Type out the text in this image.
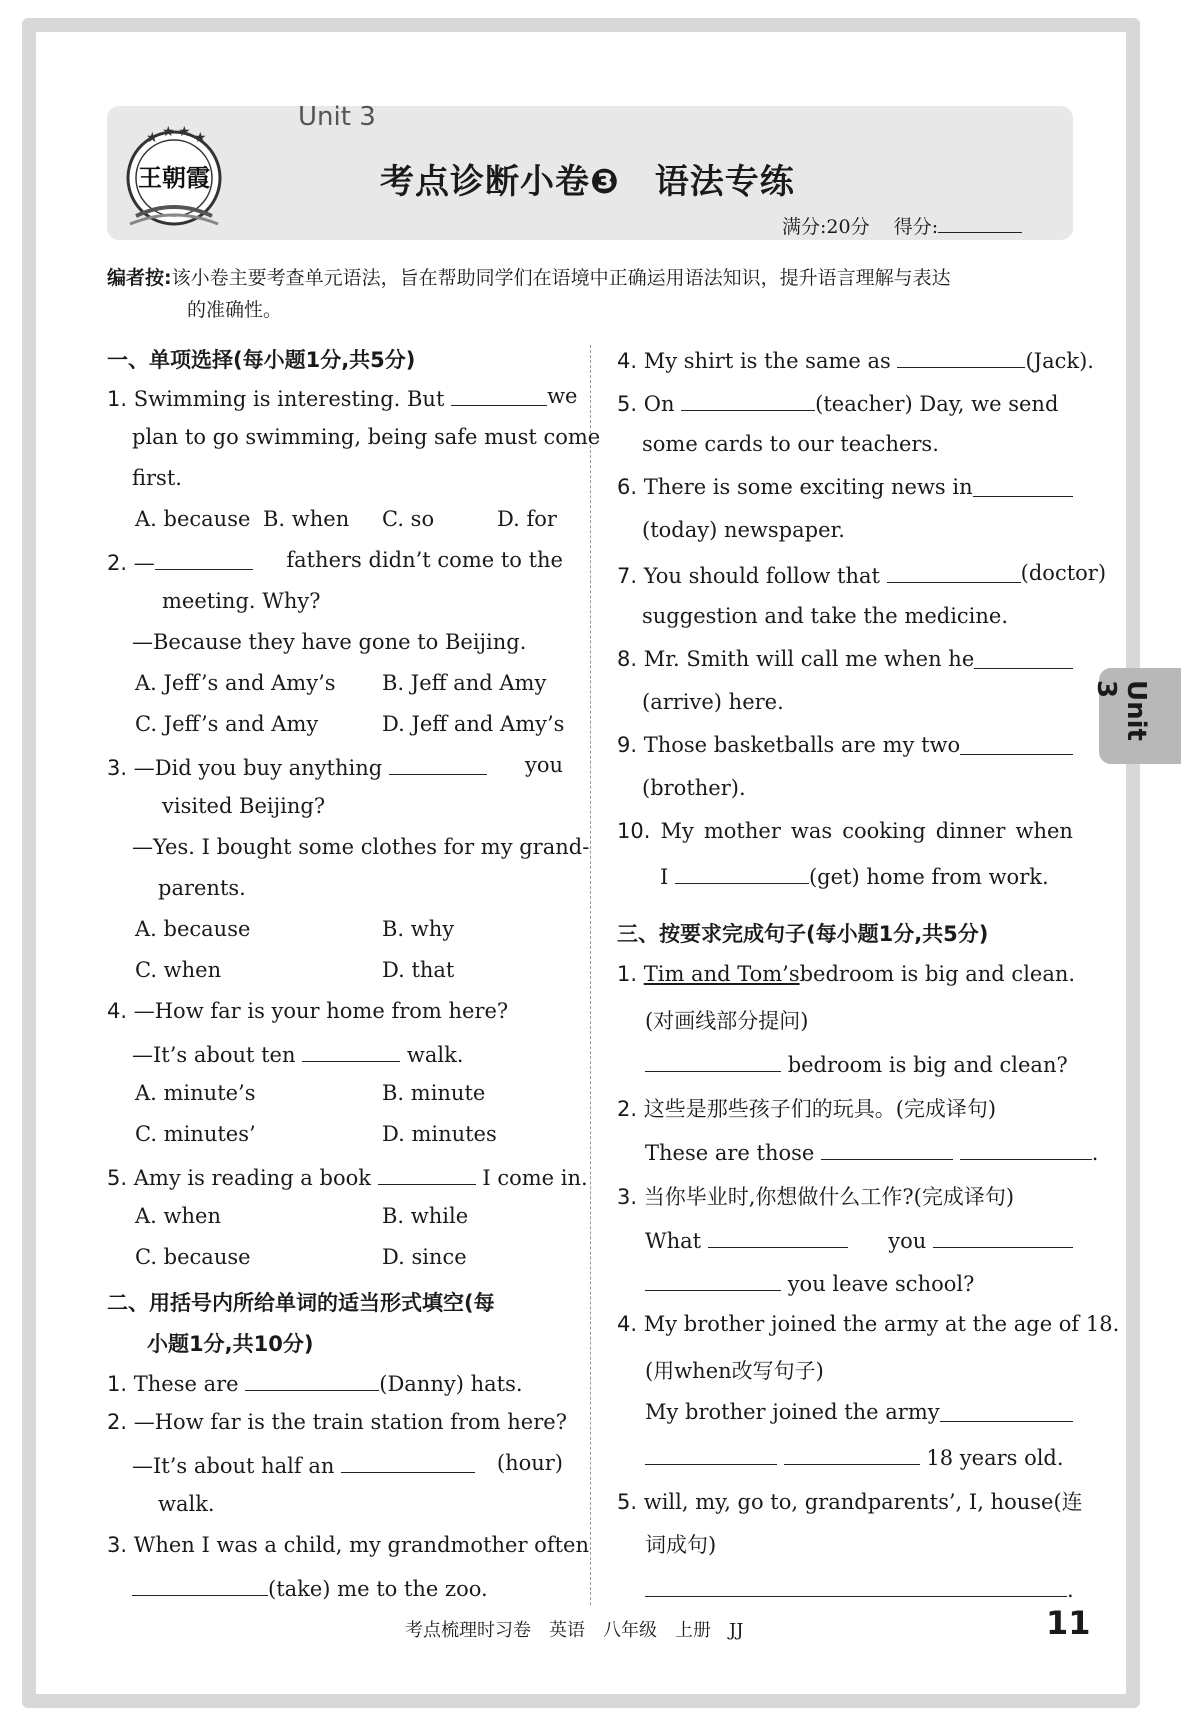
王朝霞
★ ★ ★ ★
Unit 3
考点诊断小卷❸　语法专练
满分:20分 得分:
编者按:该小卷主要考查单元语法，旨在帮助同学们在语境中正确运用语法知识，提升语言理解与表达
的准确性。
一、单项选择(每小题1分,共5分)
1. Swimming is interesting. But	we
plan to go swimming, being safe must come
first.
A. because B. when C. so	D. for
2. —	fathers didn’t come to the
meeting. Why?
—Because they have gone to Beijing.
A. Jeff’s and Amy’s B. Jeff and Amy
C. Jeff’s and Amy	D. Jeff and Amy’s
3. —Did you buy anything	you
visited Beijing?
—Yes. I bought some clothes for my grand-
parents.
A. because	B. why
C. when	D. that
4. —How far is your home from here?
—It’s about ten	walk.
A. minute’s	B. minute
C. minutes’	D. minutes
5. Amy is reading a book	I come in.
A. when	B. while
C. because	D. since
二、用括号内所给单词的适当形式填空(每
小题1分,共10分)
1. These are	(Danny) hats.
2. —How far is the train station from here?
—It’s about half an	(hour)
walk.
3. When I was a child, my grandmother often
(take) me to the zoo.
4. My shirt is the same as	(Jack).
5. On	(teacher) Day, we send
some cards to our teachers.
6. There is some exciting news in
(today) newspaper.
7. You should follow that	(doctor)
suggestion and take the medicine.
8. Mr. Smith will call me when he
(arrive) here.
9. Those basketballs are my two
(brother).
10. My mother was cooking dinner when
I	(get) home from work.
三、按要求完成句子(每小题1分,共5分)
1. Tim and Tom’s bedroom is big and clean.
(对画线部分提问)
bedroom is big and clean?
2. 这些是那些孩子们的玩具。(完成译句)
These are those	.
3. 当你毕业时,你想做什么工作?(完成译句)
What	you
you leave school?
4. My brother joined the army at the age of 18.
(用when改写句子)
My brother joined the army
18 years old.
5. will, my, go to, grandparents’, I, house(连
词成句)
.
Unit 3
考点梳理时习卷　英语　八年级　上册　JJ	11
